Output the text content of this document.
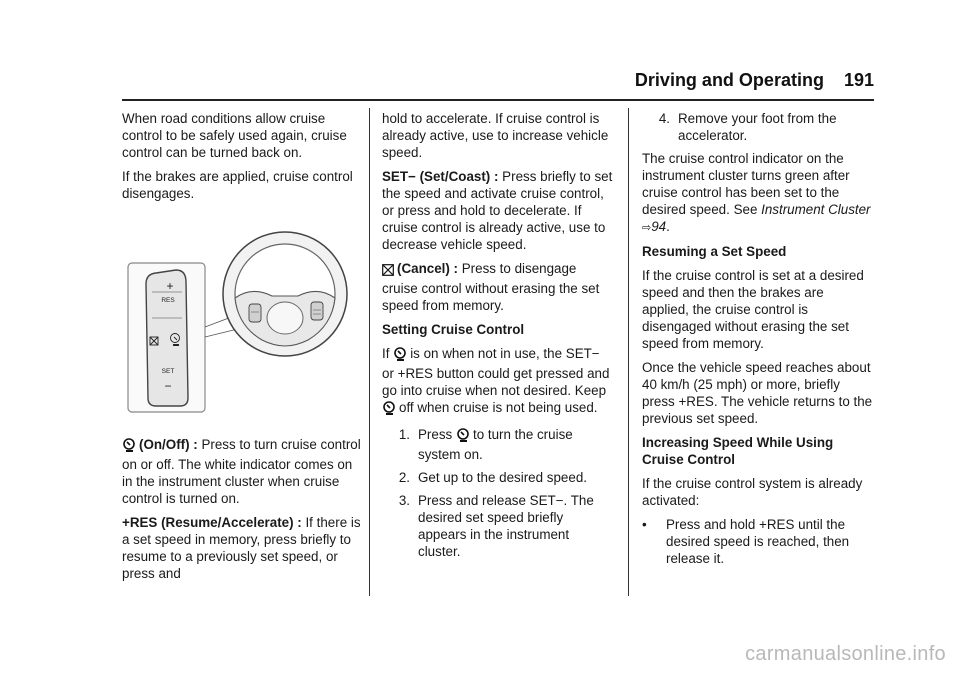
Driving and Operating 191

When road conditions allow cruise control to be safely used again, cruise control can be turned back on.

If the brakes are applied, cruise control disengages.

+
RES
SET
−

(On/Off) : Press to turn cruise control on or off. The white indicator comes on in the instrument cluster when cruise control is turned on.

+RES (Resume/Accelerate) : If there is a set speed in memory, press briefly to resume to a previously set speed, or press and

hold to accelerate. If cruise control is already active, use to increase vehicle speed.

SET− (Set/Coast) : Press briefly to set the speed and activate cruise control, or press and hold to decelerate. If cruise control is already active, use to decrease vehicle speed.

(Cancel) : Press to disengage cruise control without erasing the set speed from memory.

Setting Cruise Control

If is on when not in use, the SET− or +RES button could get pressed and go into cruise when not desired. Keep off when cruise is not being used.

1. Press to turn the cruise system on.
2. Get up to the desired speed.
3. Press and release SET−. The desired set speed briefly appears in the instrument cluster.
4. Remove your foot from the accelerator.

The cruise control indicator on the instrument cluster turns green after cruise control has been set to the desired speed. See Instrument Cluster ⇨94.

Resuming a Set Speed

If the cruise control is set at a desired speed and then the brakes are applied, the cruise control is disengaged without erasing the set speed from memory.

Once the vehicle speed reaches about 40 km/h (25 mph) or more, briefly press +RES. The vehicle returns to the previous set speed.

Increasing Speed While Using Cruise Control

If the cruise control system is already activated:

•	Press and hold +RES until the desired speed is reached, then release it.
carmanualsonline.info
